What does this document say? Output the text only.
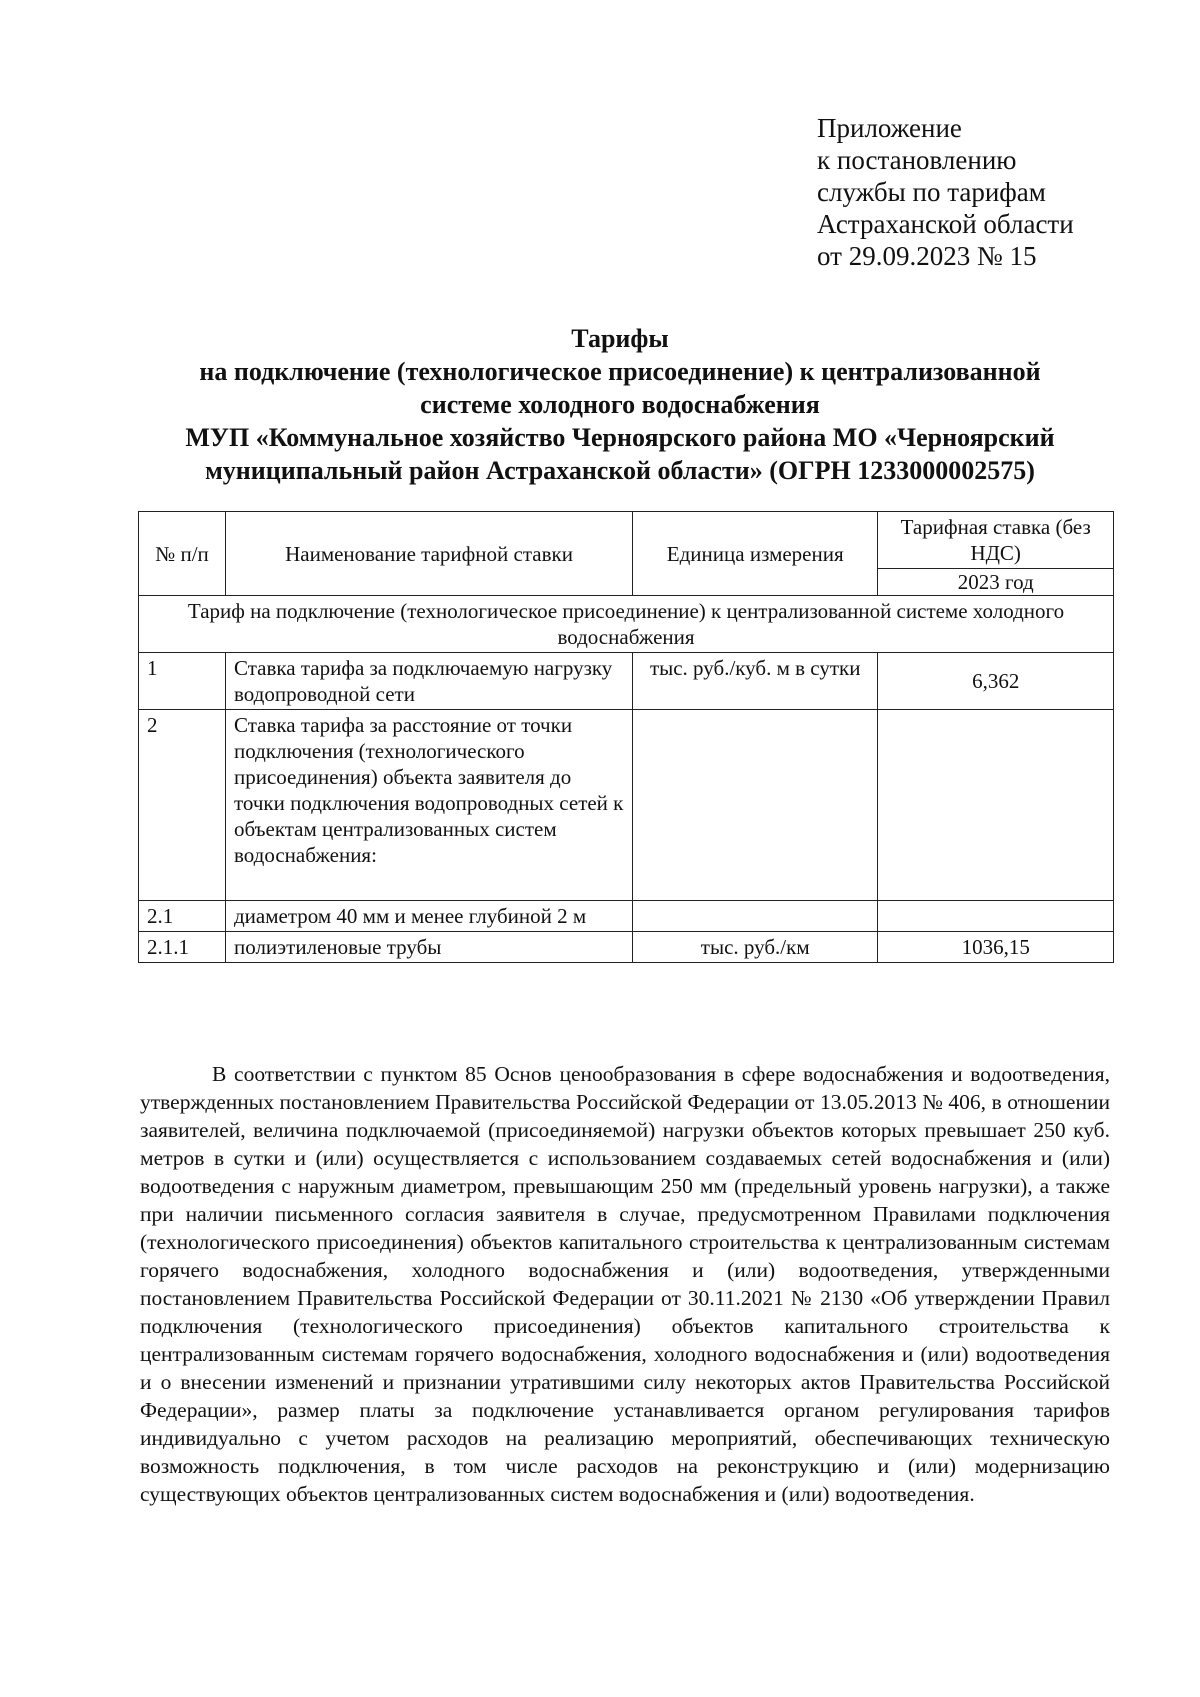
Приложение
к постановлению
службы по тарифам
Астраханской области
от 29.09.2023 № 15
Тарифы
на подключение (технологическое присоединение) к централизованной
системе холодного водоснабжения
МУП «Коммунальное хозяйство Черноярского района МО «Черноярский
муниципальный район Астраханской области» (ОГРН 1233000002575)
№ п/п	Наименование тарифной ставки	Единица измерения	Тарифная ставка (без НДС)
			2023 год
Тариф на подключение (технологическое присоединение) к централизованной системе холодного водоснабжения			
1	Ставка тарифа за подключаемую нагрузку водопроводной сети	тыс. руб./куб. м в сутки	6,362
2	Ставка тарифа за расстояние от точки подключения (технологического присоединения) объекта заявителя до точки подключения водопроводных сетей к объектам централизованных систем водоснабжения:		
2.1	диаметром 40 мм и менее глубиной 2 м		
2.1.1	полиэтиленовые трубы	тыс. руб./км	1036,15
В соответствии с пунктом 85 Основ ценообразования в сфере водоснабжения и водоотведения, утвержденных постановлением Правительства Российской Федерации от 13.05.2013 № 406, в отношении заявителей, величина подключаемой (присоединяемой) нагрузки объектов которых превышает 250 куб. метров в сутки и (или) осуществляется с использованием создаваемых сетей водоснабжения и (или) водоотведения с наружным диаметром, превышающим 250 мм (предельный уровень нагрузки), а также при наличии письменного согласия заявителя в случае, предусмотренном Правилами подключения (технологического присоединения) объектов капитального строительства к централизованным системам горячего водоснабжения, холодного водоснабжения и (или) водоотведения, утвержденными постановлением Правительства Российской Федерации от 30.11.2021 № 2130 «Об утверждении Правил подключения (технологического присоединения) объектов капитального строительства к централизованным системам горячего водоснабжения, холодного водоснабжения и (или) водоотведения и о внесении изменений и признании утратившими силу некоторых актов Правительства Российской Федерации», размер платы за подключение устанавливается органом регулирования тарифов индивидуально с учетом расходов на реализацию мероприятий, обеспечивающих техническую возможность подключения, в том числе расходов на реконструкцию и (или) модернизацию существующих объектов централизованных систем водоснабжения и (или) водоотведения.
